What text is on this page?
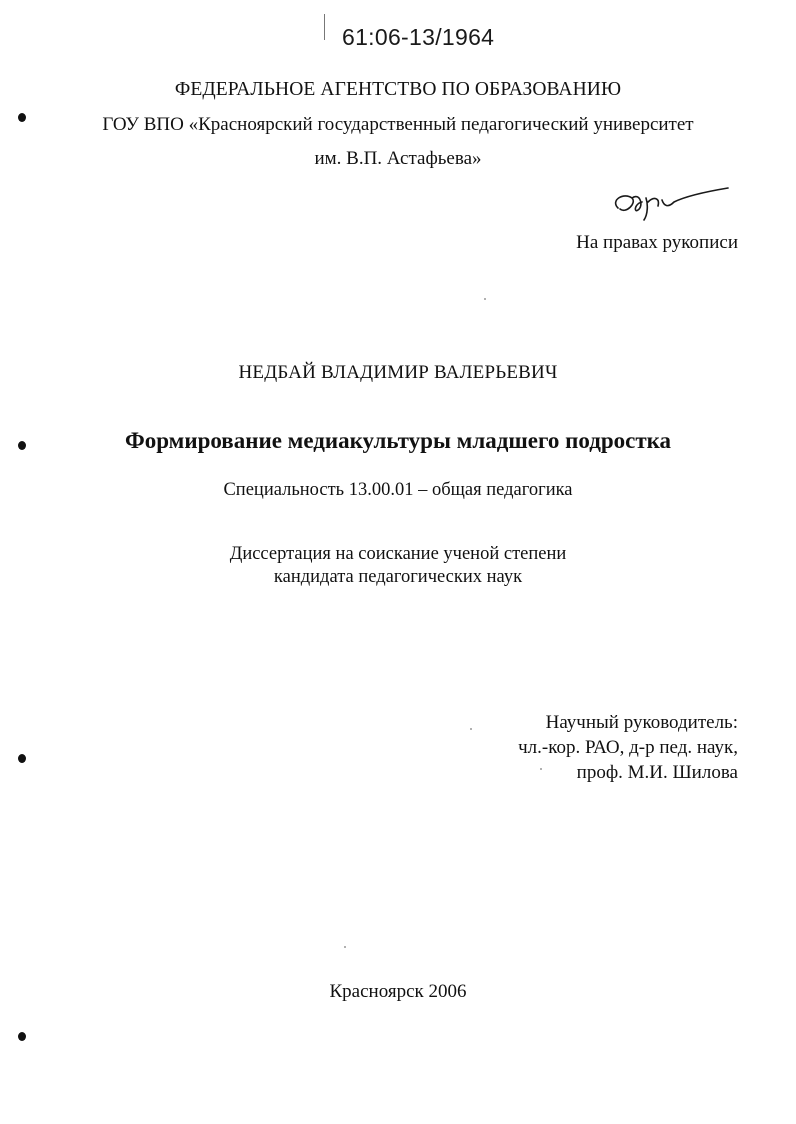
61:06-13/1964
ФЕДЕРАЛЬНОЕ АГЕНТСТВО ПО ОБРАЗОВАНИЮ
ГОУ ВПО «Красноярский государственный педагогический университет
им. В.П. Астафьева»
На правах рукописи
НЕДБАЙ ВЛАДИМИР ВАЛЕРЬЕВИЧ
Формирование медиакультуры младшего подростка
Специальность 13.00.01 – общая педагогика
Диссертация на соискание ученой степени
кандидата педагогических наук
Научный руководитель:
чл.-кор. РАО, д-р пед. наук,
проф. М.И. Шилова
Красноярск 2006
